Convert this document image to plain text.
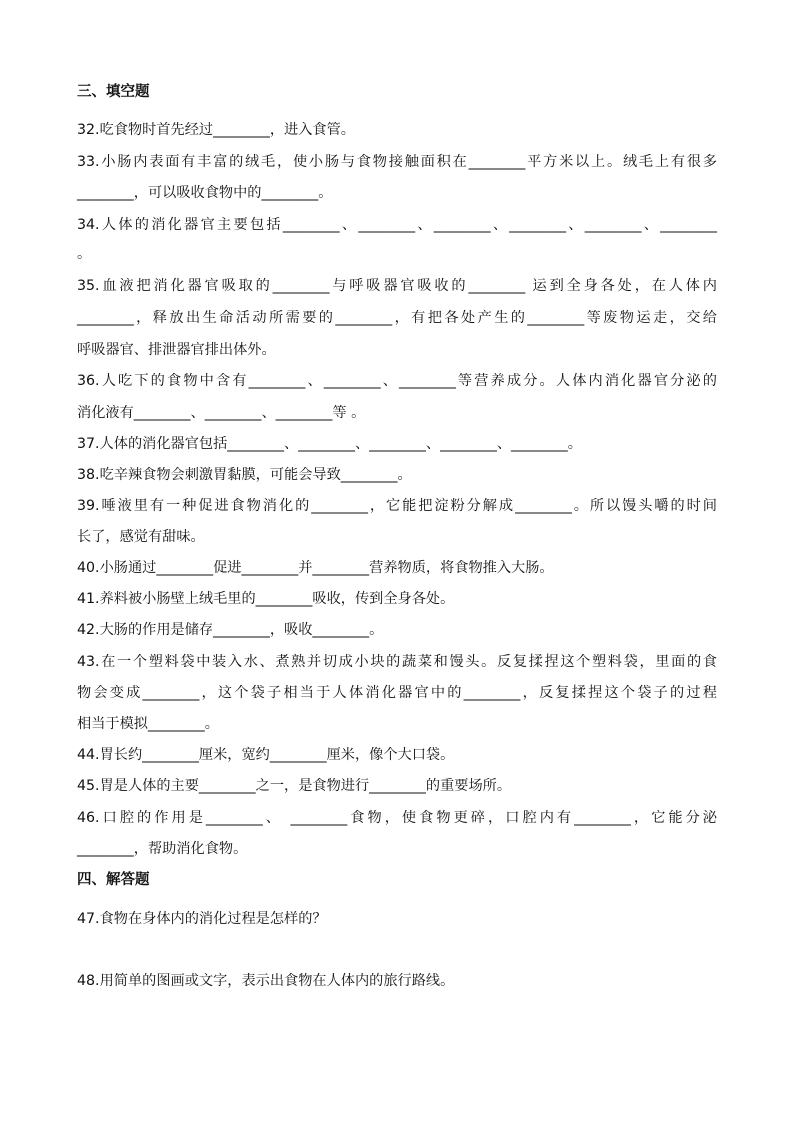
三、填空题
32.吃食物时首先经过________，进入食管。
33.小肠内表面有丰富的绒毛，使小肠与食物接触面积在________平方米以上。绒毛上有很多
________，可以吸收食物中的________。
34.人体的消化器官主要包括________、________、________、________、________、________
。
35.血液把消化器官吸取的________与呼吸器官吸收的________ 运到全身各处，在人体内
________，释放出生命活动所需要的________，有把各处产生的________等废物运走，交给
呼吸器官、排泄器官排出体外。
36.人吃下的食物中含有________、________、________等营养成分。人体内消化器官分泌的
消化液有________、________、________等 。
37.人体的消化器官包括________、________、________、________、________。
38.吃辛辣食物会刺激胃黏膜，可能会导致________。
39.唾液里有一种促进食物消化的________，它能把淀粉分解成________。所以馒头嚼的时间
长了，感觉有甜味。
40.小肠通过________促进________并________营养物质，将食物推入大肠。
41.养料被小肠壁上绒毛里的________吸收，传到全身各处。
42.大肠的作用是储存________，吸收________。
43.在一个塑料袋中装入水、煮熟并切成小块的蔬菜和馒头。反复揉捏这个塑料袋，里面的食
物会变成________，这个袋子相当于人体消化器官中的________，反复揉捏这个袋子的过程
相当于模拟________。
44.胃长约________厘米，宽约________厘米，像个大口袋。
45.胃是人体的主要________之一，是食物进行________的重要场所。
46.口腔的作用是________、 ________食物，使食物更碎，口腔内有________，它能分泌
________，帮助消化食物。
四、解答题
47.食物在身体内的消化过程是怎样的？
48.用简单的图画或文字，表示出食物在人体内的旅行路线。
